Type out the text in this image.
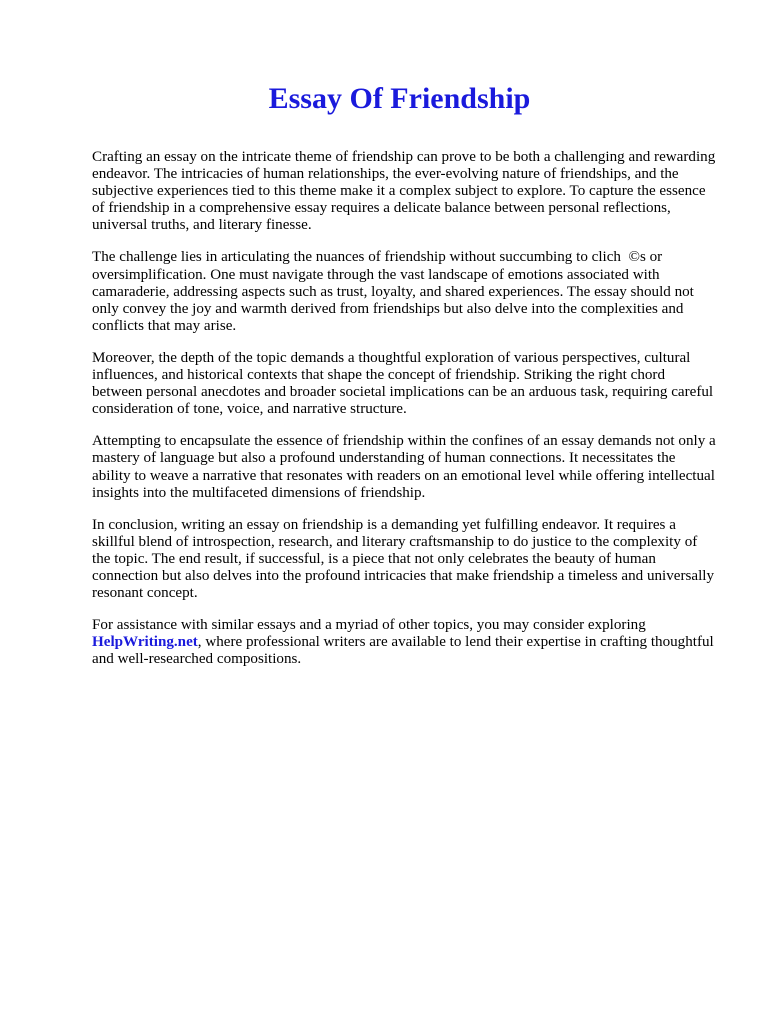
Essay Of Friendship

Crafting an essay on the intricate theme of friendship can prove to be both a challenging and rewarding endeavor. The intricacies of human relationships, the ever-evolving nature of friendships, and the subjective experiences tied to this theme make it a complex subject to explore. To capture the essence of friendship in a comprehensive essay requires a delicate balance between personal reflections, universal truths, and literary finesse.

The challenge lies in articulating the nuances of friendship without succumbing to clich  ©s or oversimplification. One must navigate through the vast landscape of emotions associated with camaraderie, addressing aspects such as trust, loyalty, and shared experiences. The essay should not only convey the joy and warmth derived from friendships but also delve into the complexities and conflicts that may arise.

Moreover, the depth of the topic demands a thoughtful exploration of various perspectives, cultural influences, and historical contexts that shape the concept of friendship. Striking the right chord between personal anecdotes and broader societal implications can be an arduous task, requiring careful consideration of tone, voice, and narrative structure.

Attempting to encapsulate the essence of friendship within the confines of an essay demands not only a mastery of language but also a profound understanding of human connections. It necessitates the ability to weave a narrative that resonates with readers on an emotional level while offering intellectual insights into the multifaceted dimensions of friendship.

In conclusion, writing an essay on friendship is a demanding yet fulfilling endeavor. It requires a skillful blend of introspection, research, and literary craftsmanship to do justice to the complexity of the topic. The end result, if successful, is a piece that not only celebrates the beauty of human connection but also delves into the profound intricacies that make friendship a timeless and universally resonant concept.

For assistance with similar essays and a myriad of other topics, you may consider exploring HelpWriting.net, where professional writers are available to lend their expertise in crafting thoughtful and well-researched compositions.
